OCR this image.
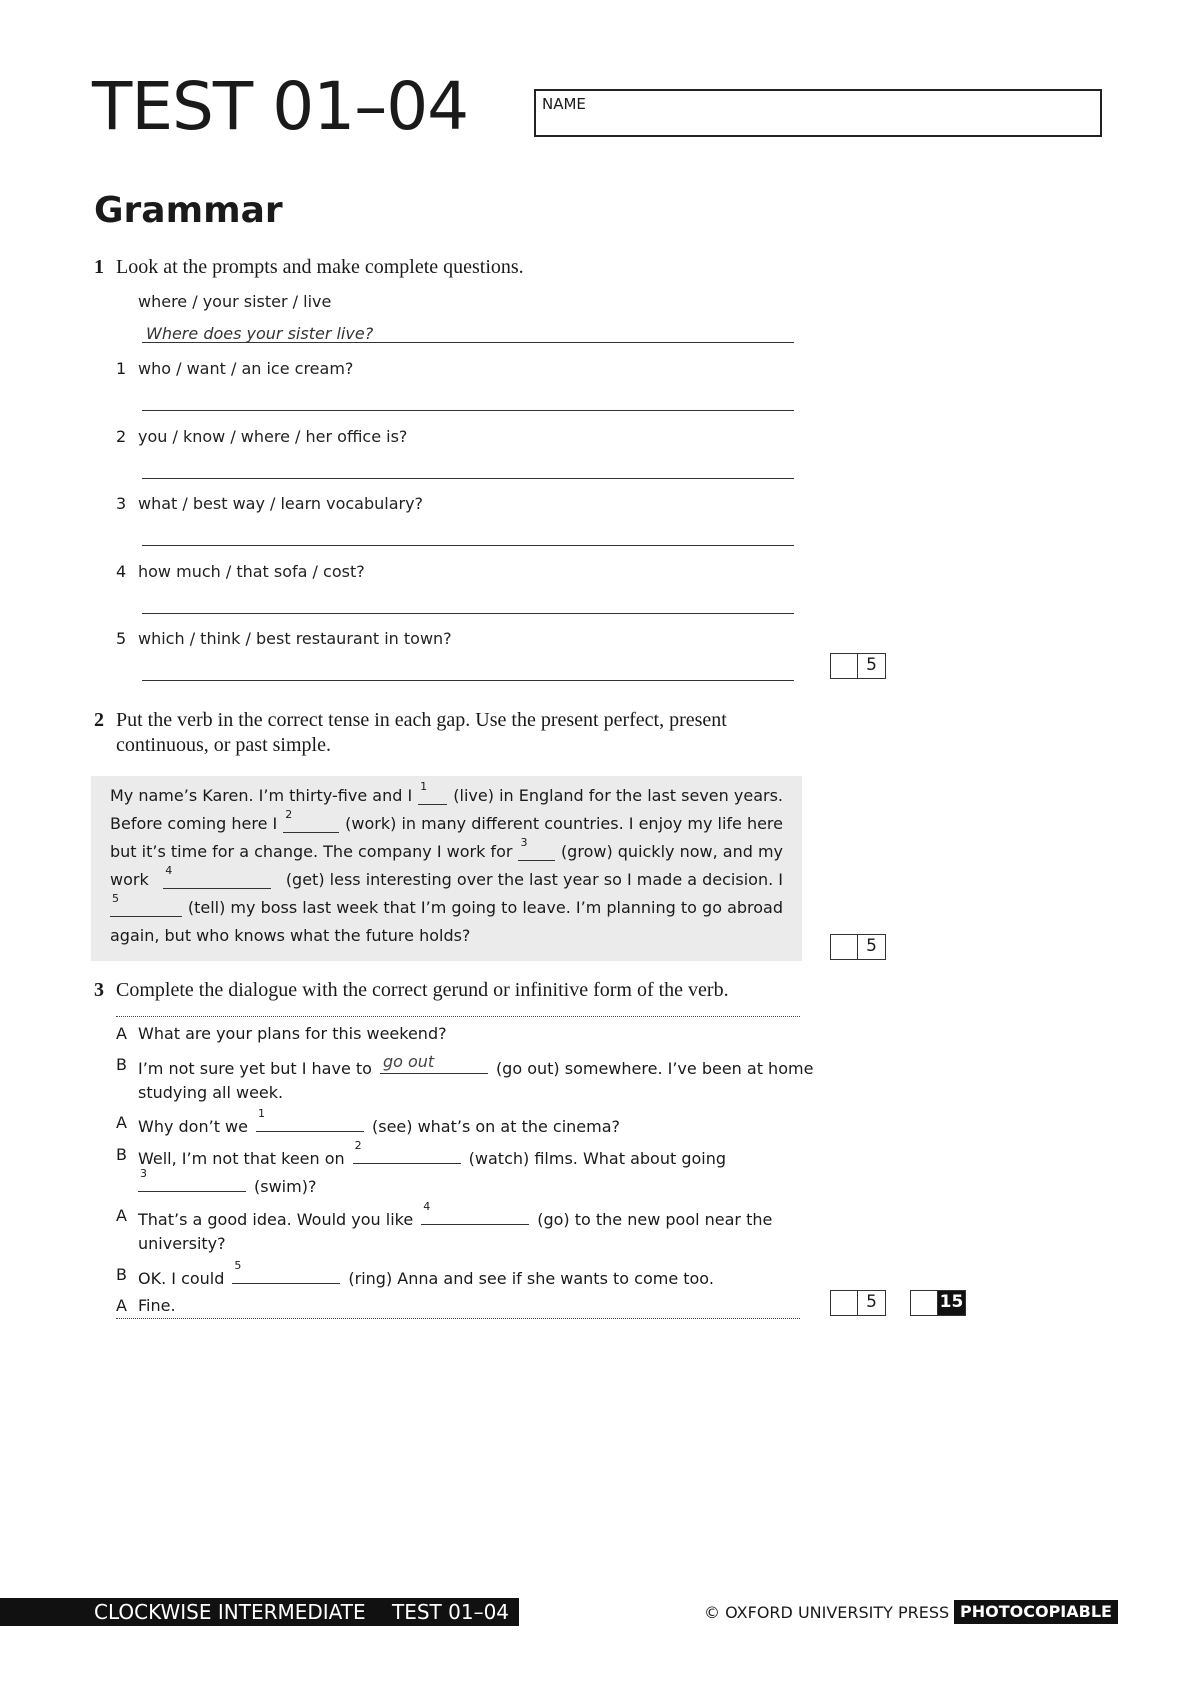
TEST 01–04	NAME
Grammar
1 Look at the prompts and make complete questions.
where / your sister / live
Where does your sister live?
1 who / want / an ice cream?
2 you / know / where / her office is?
3 what / best way / learn vocabulary?
4 how much / that sofa / cost?
5 which / think / best restaurant in town?
5
2 Put the verb in the correct tense in each gap. Use the present perfect, present
continuous, or past simple.
My name’s Karen. I’m thirty-five and I 1 (live) in England for the last seven years.
Before coming here I 2	(work) in many different countries. I enjoy my life here
but it’s time for a change. The company I work for 3 (grow) quickly now, and my
work 4	(get) less interesting over the last year so I made a decision. I
5	(tell) my boss last week that I’m going to leave. I’m planning to go abroad
again, but who knows what the future holds?
5
3 Complete the dialogue with the correct gerund or infinitive form of the verb.
A What are your plans for this weekend?
B I’m not sure yet but I have to go out	(go out) somewhere. I’ve been at home
studying all week.
A Why don’t we
1
(see) what’s on at the cinema?
B Well, I’m not that keen on
2
(watch) films. What about going
3
(swim)?
A That’s a good idea. Would you like
4
(go) to the new pool near the
university?
B OK. I could
5
(ring) Anna and see if she wants to come too.
A Fine.	5	15
CLOCKWISE INTERMEDIATE TEST 01–04	© OXFORD UNIVERSITY PRESS PHOTOCOPIABLE
